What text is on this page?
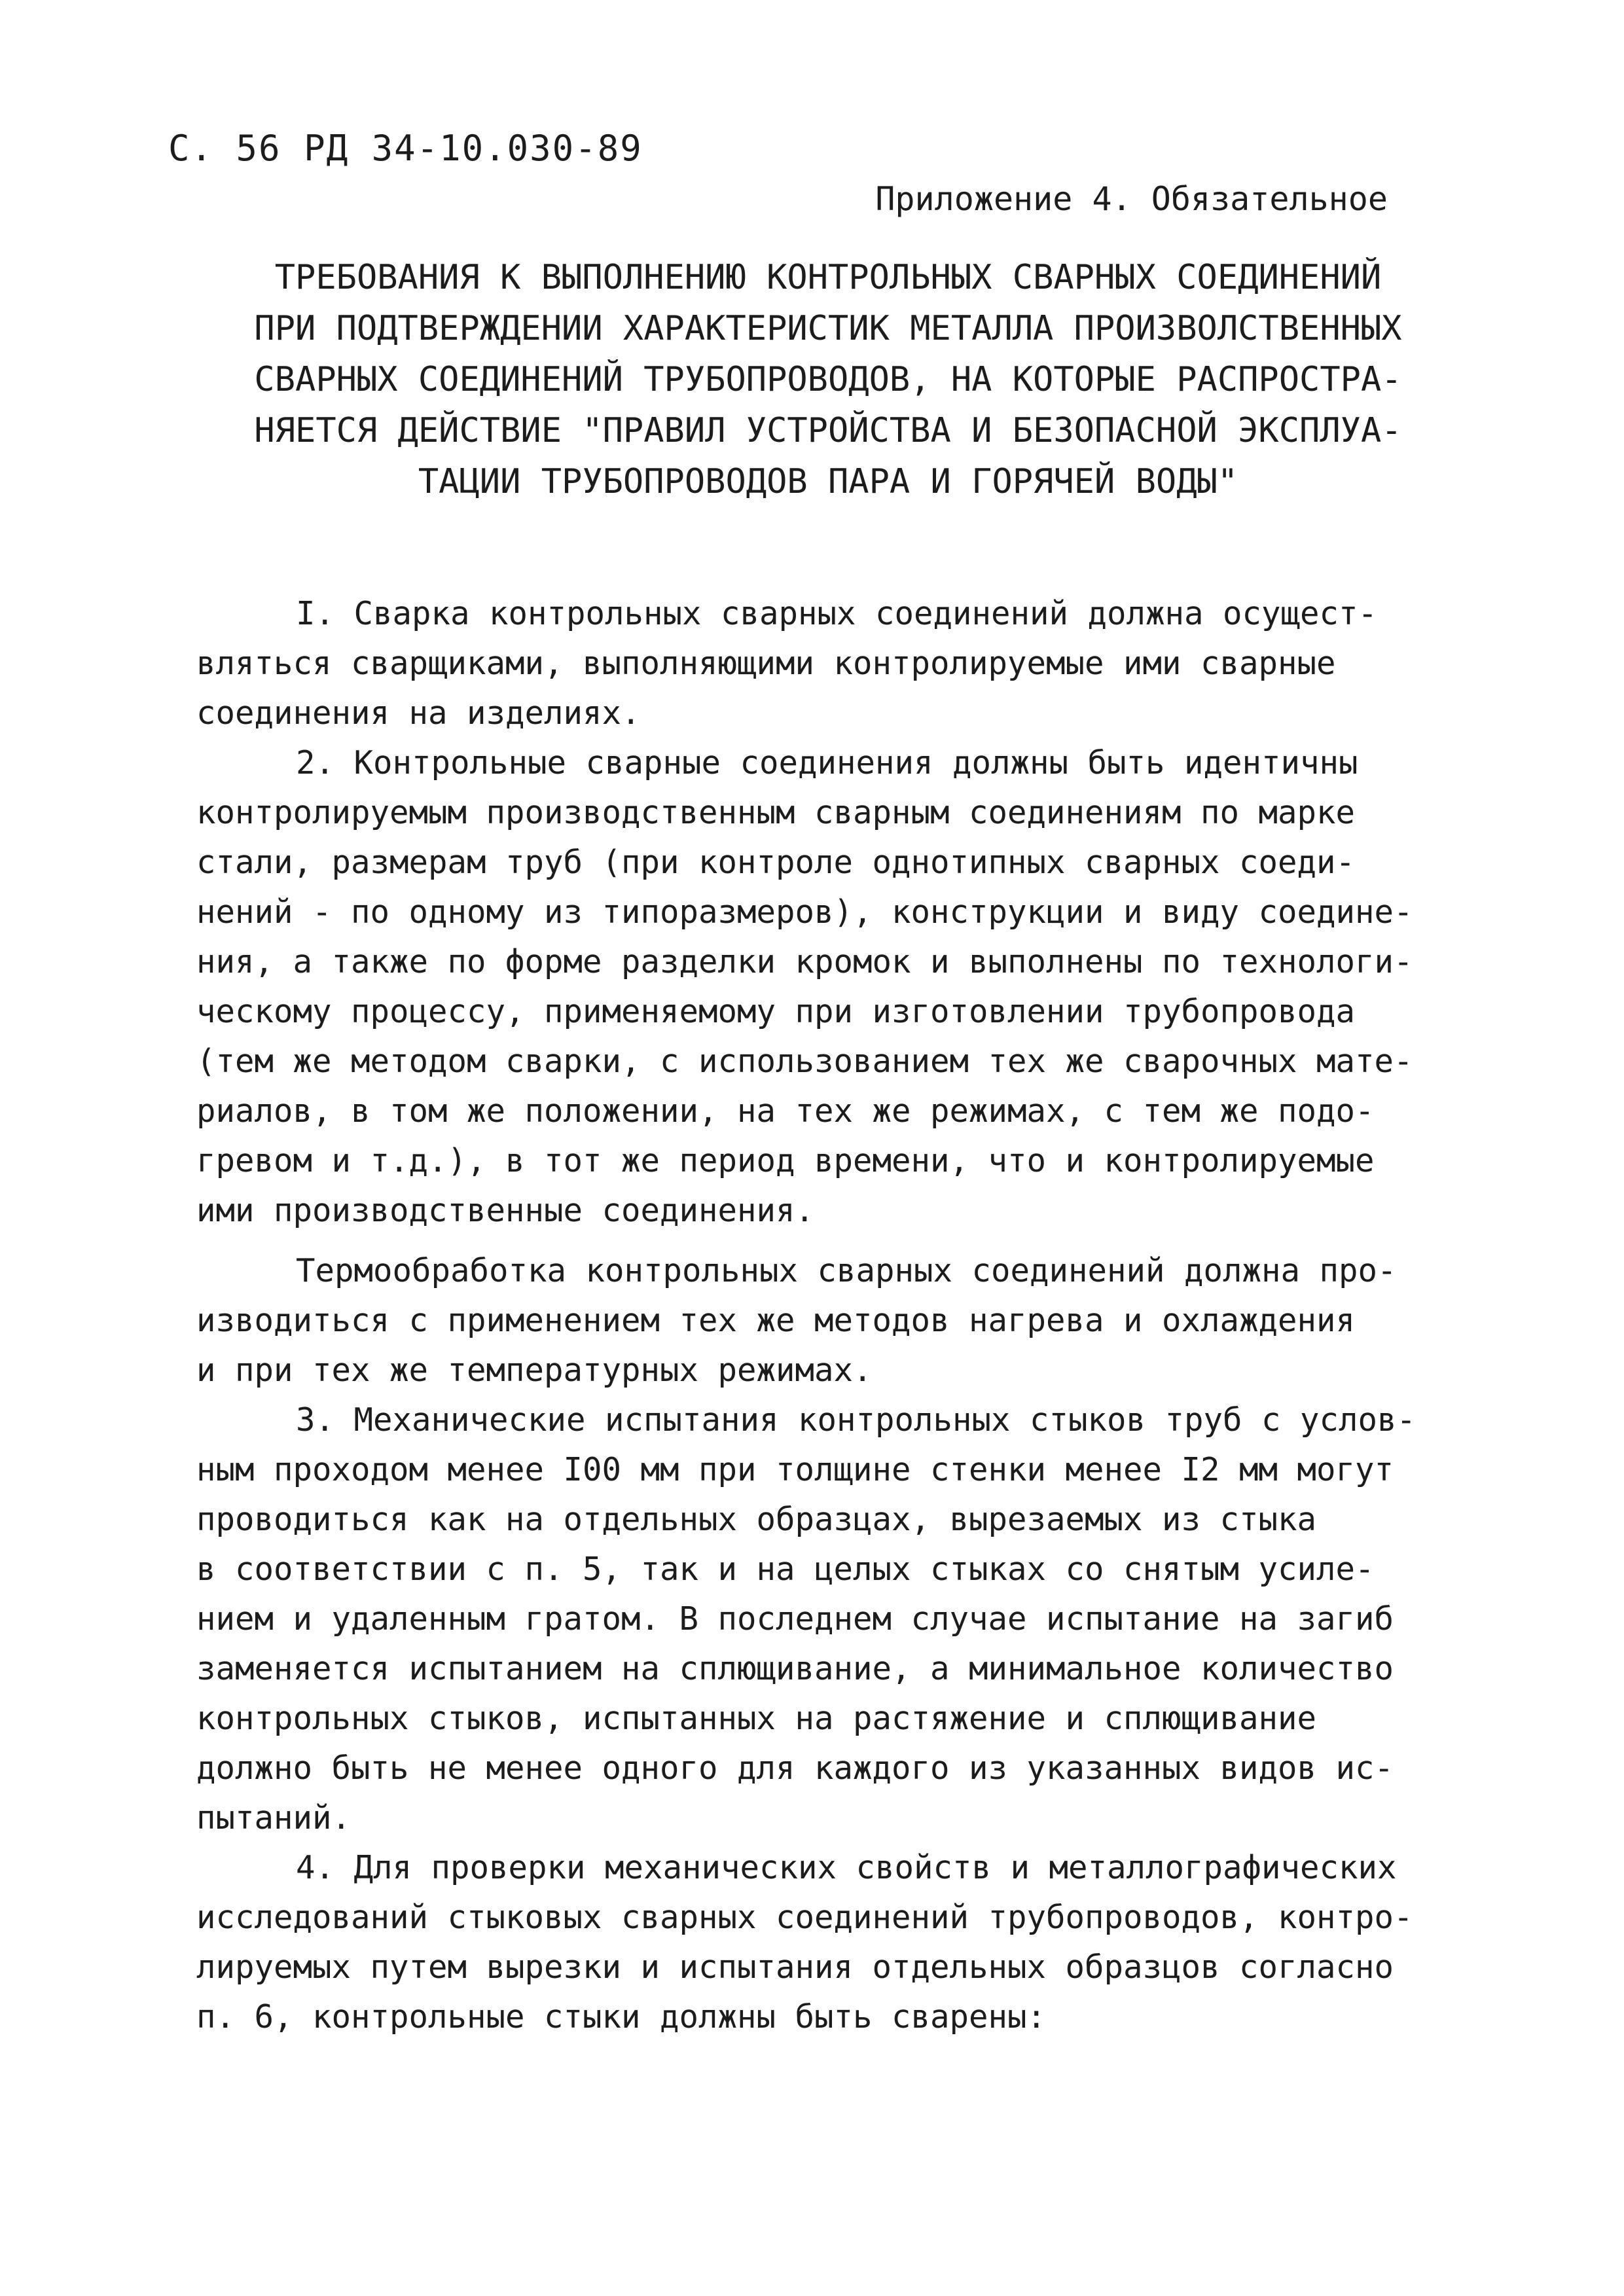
С. 56 РД 34-10.030-89
Приложение 4. Обязательное
ТРЕБОВАНИЯ К ВЫПОЛНЕНИЮ КОНТРОЛЬНЫХ СВАРНЫХ СОЕДИНЕНИЙ
ПРИ ПОДТВЕРЖДЕНИИ ХАРАКТЕРИСТИК МЕТАЛЛА ПРОИЗВОЛСТВЕННЫХ
СВАРНЫХ СОЕДИНЕНИЙ ТРУБОПРОВОДОВ, НА КОТОРЫЕ РАСПРОСТРА-
НЯЕТСЯ ДЕЙСТВИЕ "ПРАВИЛ УСТРОЙСТВА И БЕЗОПАСНОЙ ЭКСПЛУА-
ТАЦИИ ТРУБОПРОВОДОВ ПАРА И ГОРЯЧЕЙ ВОДЫ"
I. Сварка контрольных сварных соединений должна осущест-
вляться сварщиками, выполняющими контролируемые ими сварные
соединения на изделиях.
2. Контрольные сварные соединения должны быть идентичны
контролируемым производственным сварным соединениям по марке
стали, размерам труб (при контроле однотипных сварных соеди-
нений - по одному из типоразмеров), конструкции и виду соедине-
ния, а также по форме разделки кромок и выполнены по технологи-
ческому процессу, применяемому при изготовлении трубопровода
(тем же методом сварки, с использованием тех же сварочных мате-
риалов, в том же положении, на тех же режимах, с тем же подо-
гревом и т.д.), в тот же период времени, что и контролируемые
ими производственные соединения.
Термообработка контрольных сварных соединений должна про-
изводиться с применением тех же методов нагрева и охлаждения
и при тех же температурных режимах.
3. Механические испытания контрольных стыков труб с услов-
ным проходом менее I00 мм при толщине стенки менее I2 мм могут
проводиться как на отдельных образцах, вырезаемых из стыка
в соответствии с п. 5, так и на целых стыках со снятым усиле-
нием и удаленным гратом. В последнем случае испытание на загиб
заменяется испытанием на сплющивание, а минимальное количество
контрольных стыков, испытанных на растяжение и сплющивание
должно быть не менее одного для каждого из указанных видов ис-
пытаний.
4. Для проверки механических свойств и металлографических
исследований стыковых сварных соединений трубопроводов, контро-
лируемых путем вырезки и испытания отдельных образцов согласно
п. 6, контрольные стыки должны быть сварены:
